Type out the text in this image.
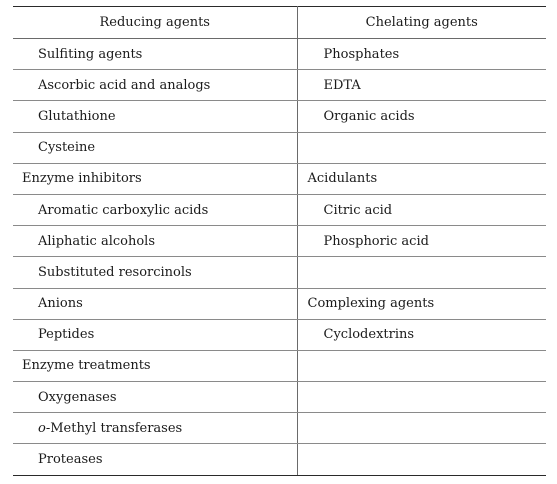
Reducing agents	Chelating agents
Sulfiting agents	Phosphates
Ascorbic acid and analogs	EDTA
Glutathione	Organic acids
Cysteine	
Enzyme inhibitors	Acidulants
Aromatic carboxylic acids	Citric acid
Aliphatic alcohols	Phosphoric acid
Substituted resorcinols	
Anions	Complexing agents
Peptides	Cyclodextrins
Enzyme treatments	
Oxygenases	
o-Methyl transferases	
Proteases	
